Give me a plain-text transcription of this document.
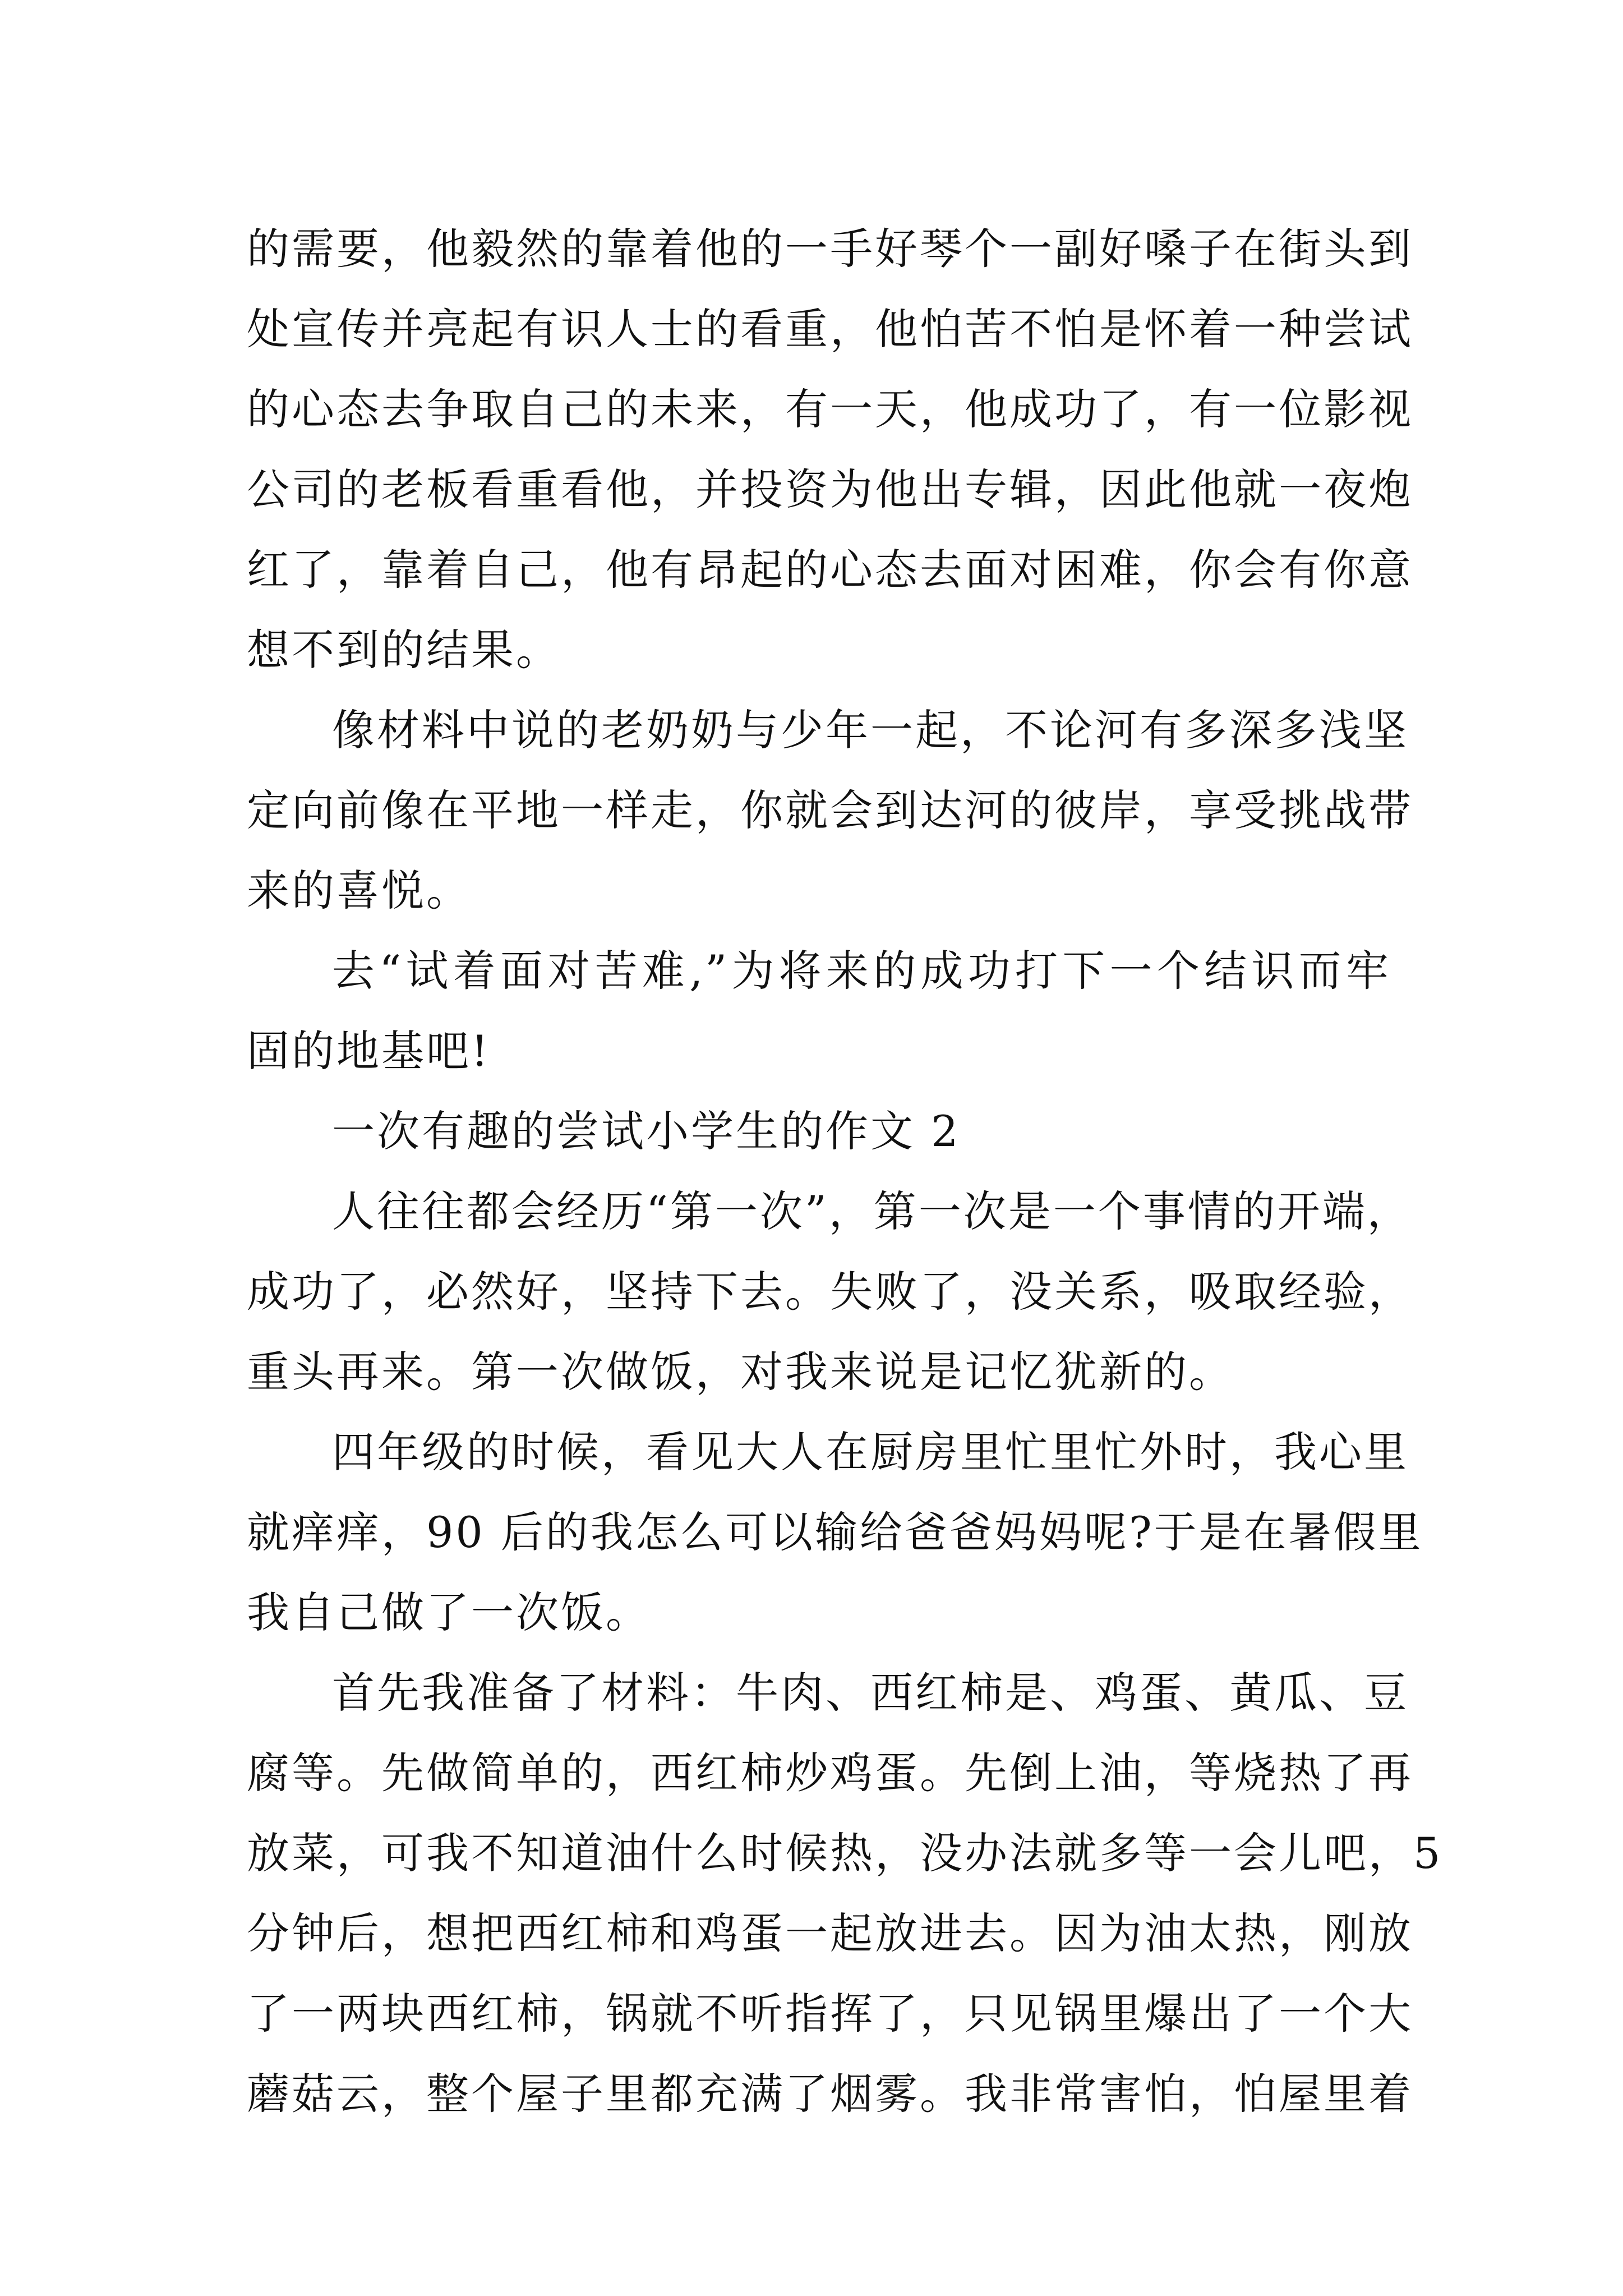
的需要，他毅然的靠着他的一手好琴个一副好嗓子在街头到
处宣传并亮起有识人士的看重，他怕苦不怕是怀着一种尝试
的心态去争取自己的未来，有一天，他成功了，有一位影视
公司的老板看重看他，并投资为他出专辑，因此他就一夜炮
红了，靠着自己，他有昂起的心态去面对困难，你会有你意
想不到的结果。
像材料中说的老奶奶与少年一起，不论河有多深多浅坚
定向前像在平地一样走，你就会到达河的彼岸，享受挑战带
来的喜悦。
去“试着面对苦难,”为将来的成功打下一个结识而牢
固的地基吧!
一次有趣的尝试小学生的作文 2
人往往都会经历“第一次”，第一次是一个事情的开端，
成功了，必然好，坚持下去。失败了，没关系，吸取经验，
重头再来。第一次做饭，对我来说是记忆犹新的。
四年级的时候，看见大人在厨房里忙里忙外时，我心里
就痒痒，90 后的我怎么可以输给爸爸妈妈呢?于是在暑假里
我自己做了一次饭。
首先我准备了材料：牛肉、西红柿是、鸡蛋、黄瓜、豆
腐等。先做简单的，西红柿炒鸡蛋。先倒上油，等烧热了再
放菜，可我不知道油什么时候热，没办法就多等一会儿吧，5
分钟后，想把西红柿和鸡蛋一起放进去。因为油太热，刚放
了一两块西红柿，锅就不听指挥了，只见锅里爆出了一个大
蘑菇云，整个屋子里都充满了烟雾。我非常害怕，怕屋里着
